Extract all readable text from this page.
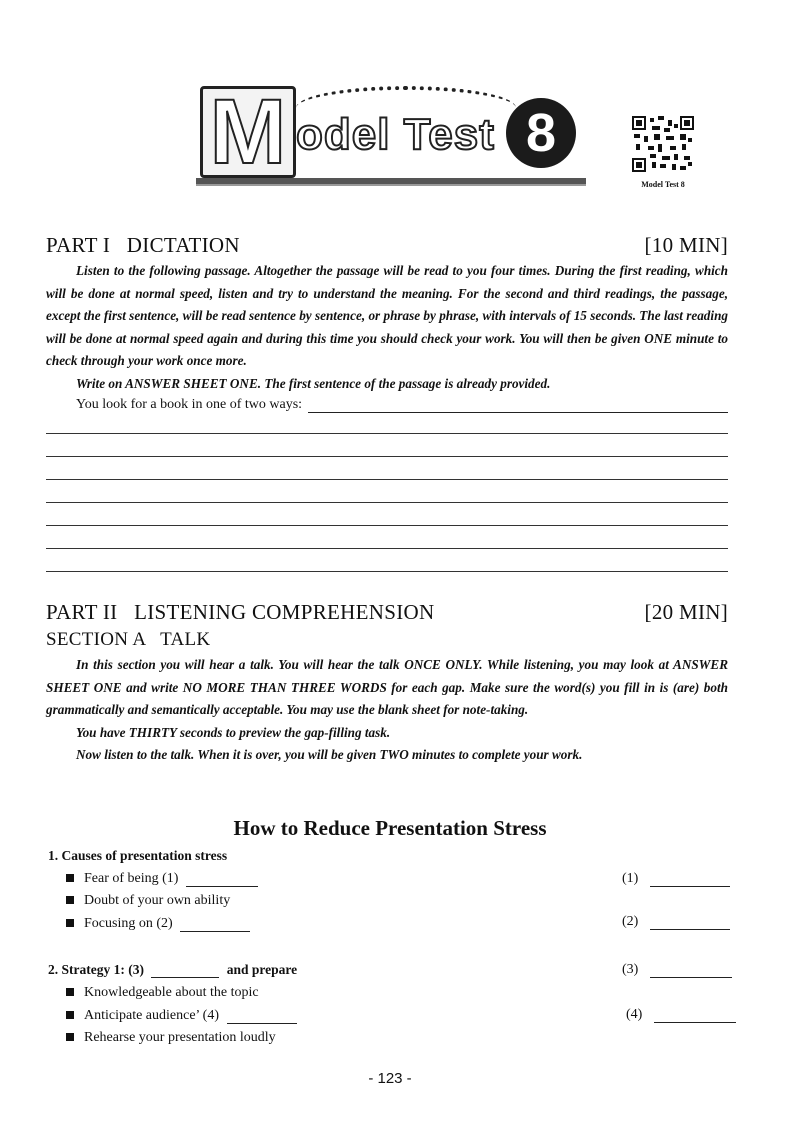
M odel Test 8
Model Test 8
PART I   DICTATION	[10 MIN]

Listen to the following passage. Altogether the passage will be read to you four times. During the first reading, which will be done at normal speed, listen and try to understand the meaning. For the second and third readings, the passage, except the first sentence, will be read sentence by sentence, or phrase by phrase, with intervals of 15 seconds. The last reading will be done at normal speed again and during this time you should check your work. You will then be given ONE minute to check through your work once more.

Write on ANSWER SHEET ONE. The first sentence of the passage is already provided.

You look for a book in one of two ways:
PART II   LISTENING COMPREHENSION	[20 MIN]
SECTION A   TALK

In this section you will hear a talk. You will hear the talk ONCE ONLY. While listening, you may look at ANSWER SHEET ONE and write NO MORE THAN THREE WORDS for each gap. Make sure the word(s) you fill in is (are) both grammatically and semantically acceptable. You may use the blank sheet for note-taking.

You have THIRTY seconds to preview the gap-filling task.

Now listen to the talk. When it is over, you will be given TWO minutes to complete your work.

How to Reduce Presentation Stress
1. Causes of presentation stress
Fear of being (1)
Doubt of your own ability
Focusing on (2)
2. Strategy 1: (3)	and prepare
Knowledgeable about the topic
Anticipate audience’ (4)
Rehearse your presentation loudly
(1)
(2)
(3)
(4)
- 123 -
